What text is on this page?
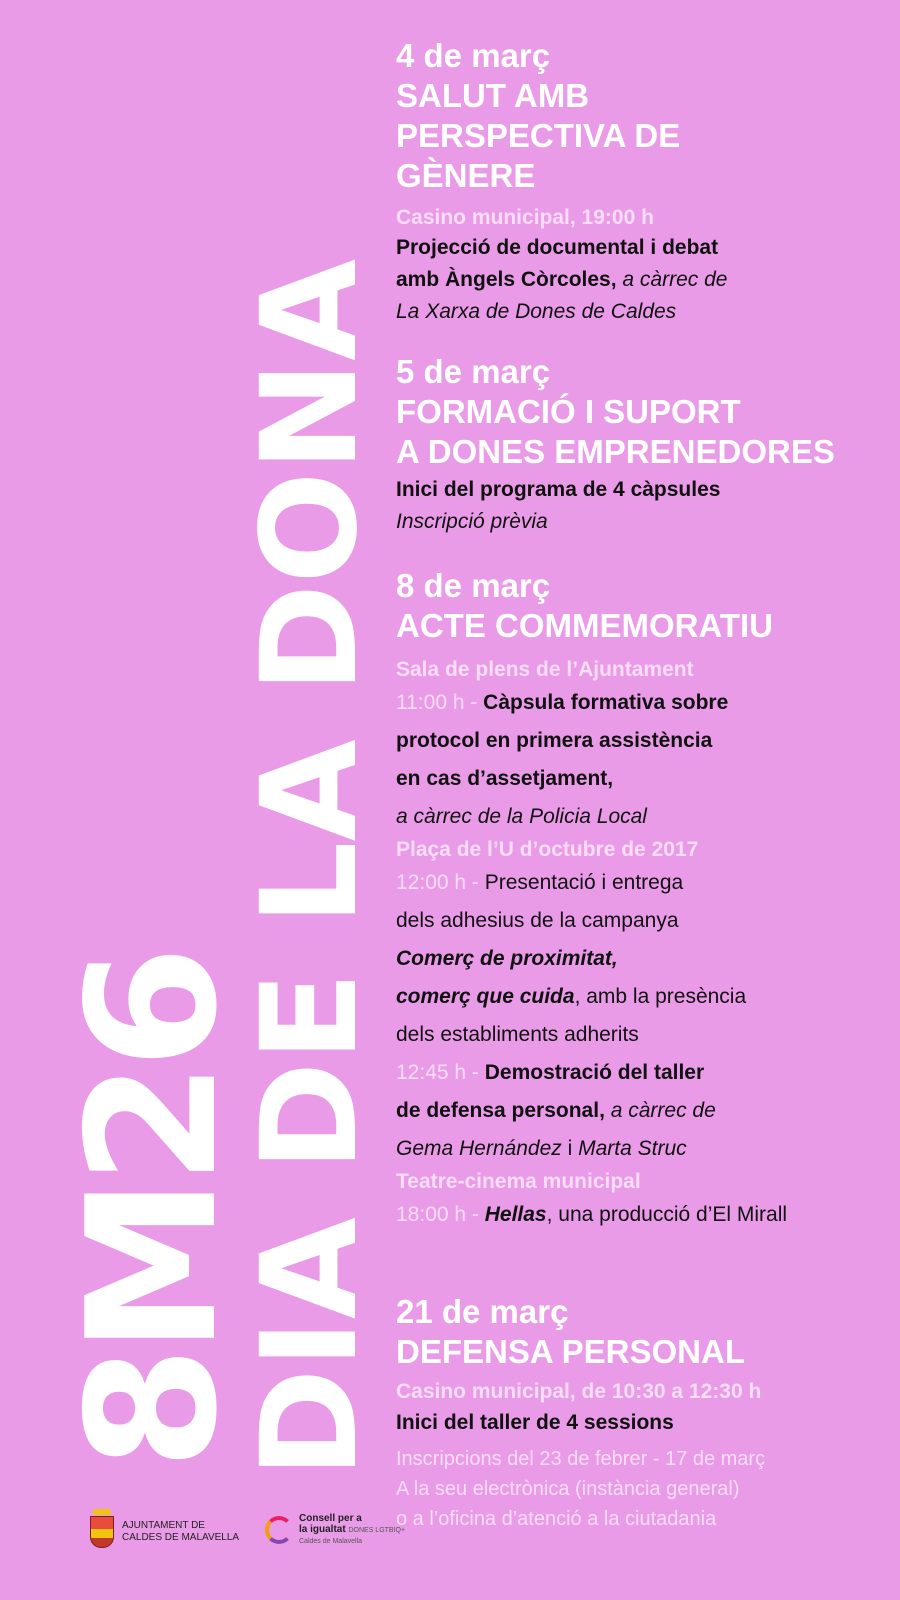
8M26
DIA DE LA DONA
4 de març
SALUT AMB
PERSPECTIVA DE
GÈNERE
Casino municipal, 19:00 h
Projecció de documental i debat
amb Àngels Còrcoles, a càrrec de
La Xarxa de Dones de Caldes
5 de març
FORMACIÓ I SUPORT
A DONES EMPRENEDORES
Inici del programa de 4 càpsules
Inscripció prèvia
8 de març
ACTE COMMEMORATIU
Sala de plens de l’Ajuntament
11:00 h - Càpsula formativa sobre
protocol en primera assistència
en cas d’assetjament,
a càrrec de la Policia Local
Plaça de l’U d’octubre de 2017
12:00 h - Presentació i entrega
dels adhesius de la campanya
Comerç de proximitat,
comerç que cuida, amb la presència
dels establiments adherits
12:45 h - Demostració del taller
de defensa personal, a càrrec de
Gema Hernández i Marta Struc
Teatre-cinema municipal
18:00 h - Hellas, una producció d’El Mirall
21 de març
DEFENSA PERSONAL
Casino municipal, de 10:30 a 12:30 h
Inici del taller de 4 sessions
Inscripcions del 23 de febrer - 17 de març
A la seu electrònica (instància general)
o a l’oficina d’atenció a la ciutadania
AJUNTAMENT DE
CALDES DE MALAVELLA
Consell per a
la igualtat DONES LGTBIQ+
Caldes de Malavella
